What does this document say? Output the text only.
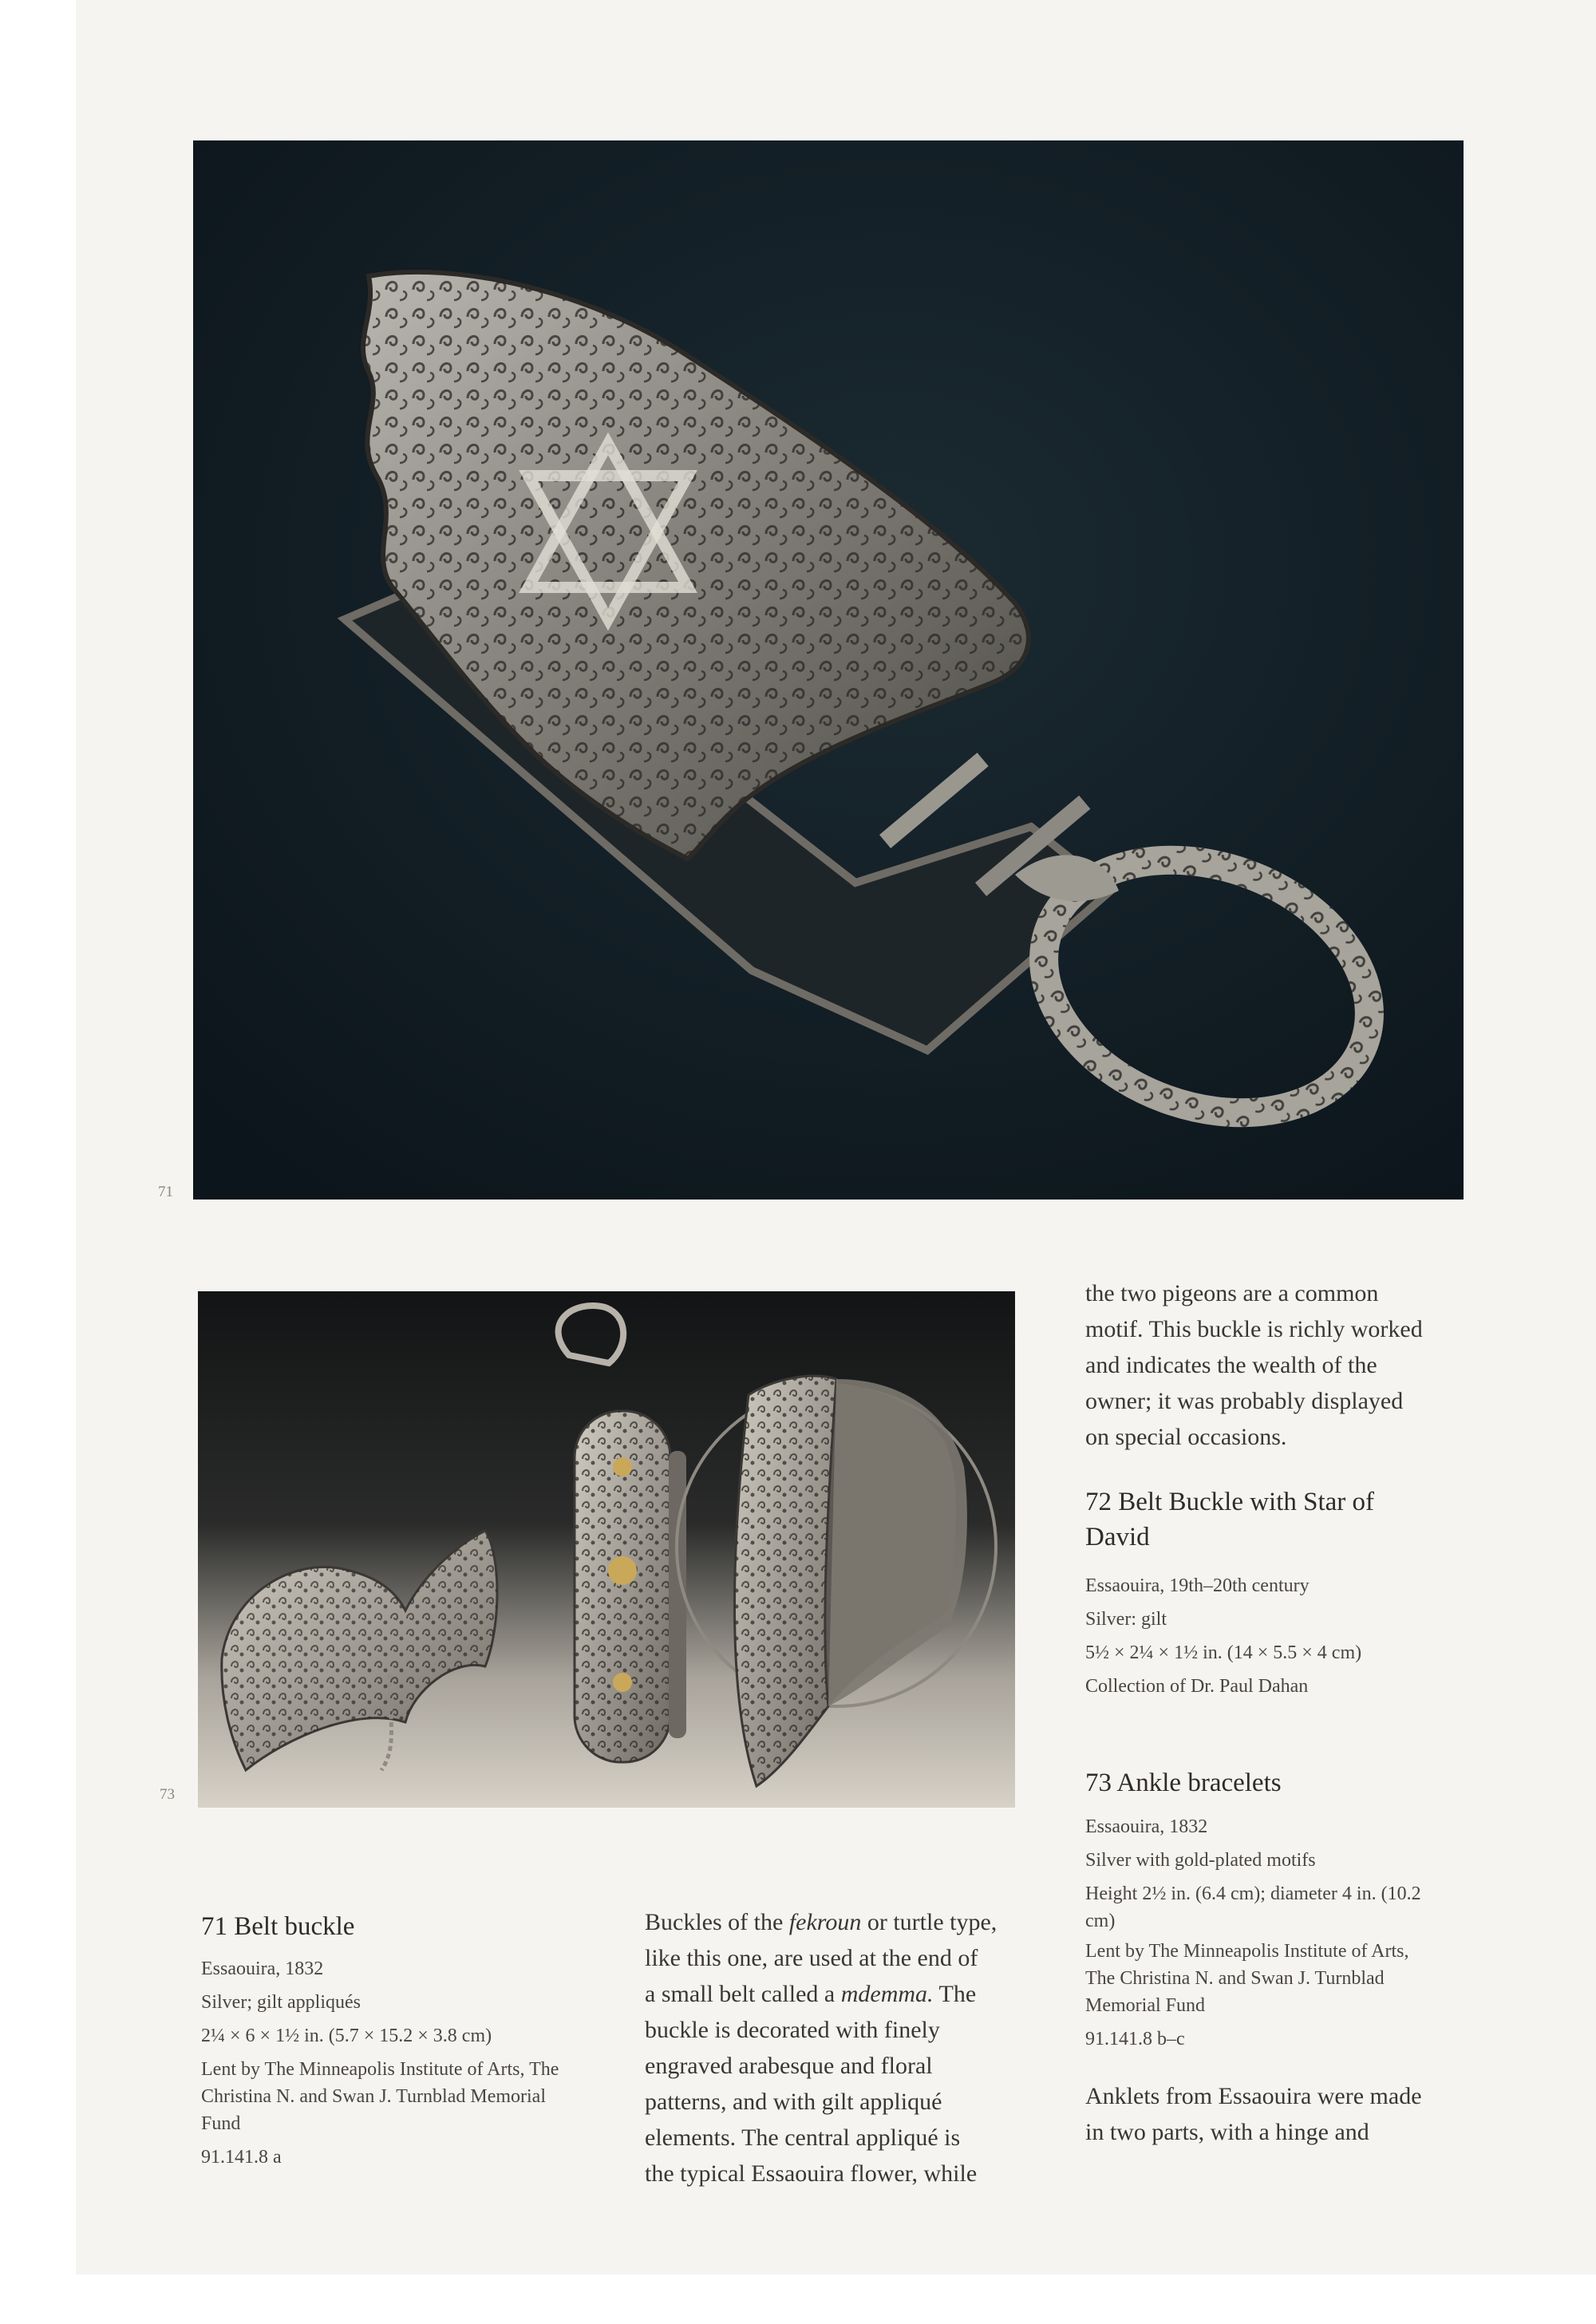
71
73
71 Belt buckle
Essaouira, 1832
Silver; gilt appliqués
2¼ × 6 × 1½ in. (5.7 × 15.2 × 3.8 cm)
Lent by The Minneapolis Institute of Arts, The Christina N. and Swan J. Turnblad Memorial Fund
91.141.8 a
Buckles of the fekroun or turtle type,
like this one, are used at the end of
a small belt called a mdemma. The
buckle is decorated with finely
engraved arabesque and floral
patterns, and with gilt appliqué
elements. The central appliqué is
the typical Essaouira flower, while
the two pigeons are a common
motif. This buckle is richly worked
and indicates the wealth of the
owner; it was probably displayed
on special occasions.
72 Belt Buckle with Star of
David
Essaouira, 19th–20th century
Silver: gilt
5½ × 2¼ × 1½ in. (14 × 5.5 × 4 cm)
Collection of Dr. Paul Dahan
73 Ankle bracelets
Essaouira, 1832
Silver with gold-plated motifs
Height 2½ in. (6.4 cm); diameter 4 in. (10.2 cm)
Lent by The Minneapolis Institute of Arts, The Christina N. and Swan J. Turnblad Memorial Fund
91.141.8 b–c
Anklets from Essaouira were made
in two parts, with a hinge and
